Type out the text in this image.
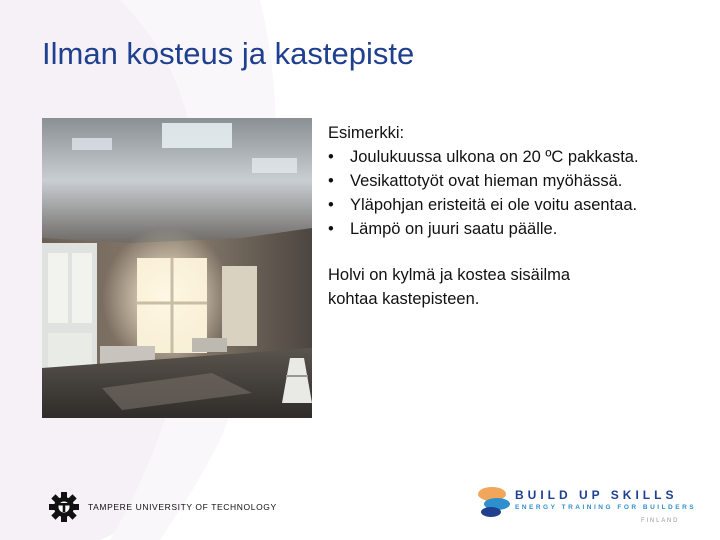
Ilman kosteus ja kastepiste
Esimerkki:
• Joulukuussa ulkona on 20 ºC pakkasta.
• Vesikattotyöt ovat hieman myöhässä.
• Yläpohjan eristeitä ei ole voitu asentaa.
• Lämpö on juuri saatu päälle.
Holvi on kylmä ja kostea sisäilma
kohtaa kastepisteen.
TAMPERE UNIVERSITY OF TECHNOLOGY
BUILD UP SKILLS
ENERGY TRAINING FOR BUILDERS
FINLAND
